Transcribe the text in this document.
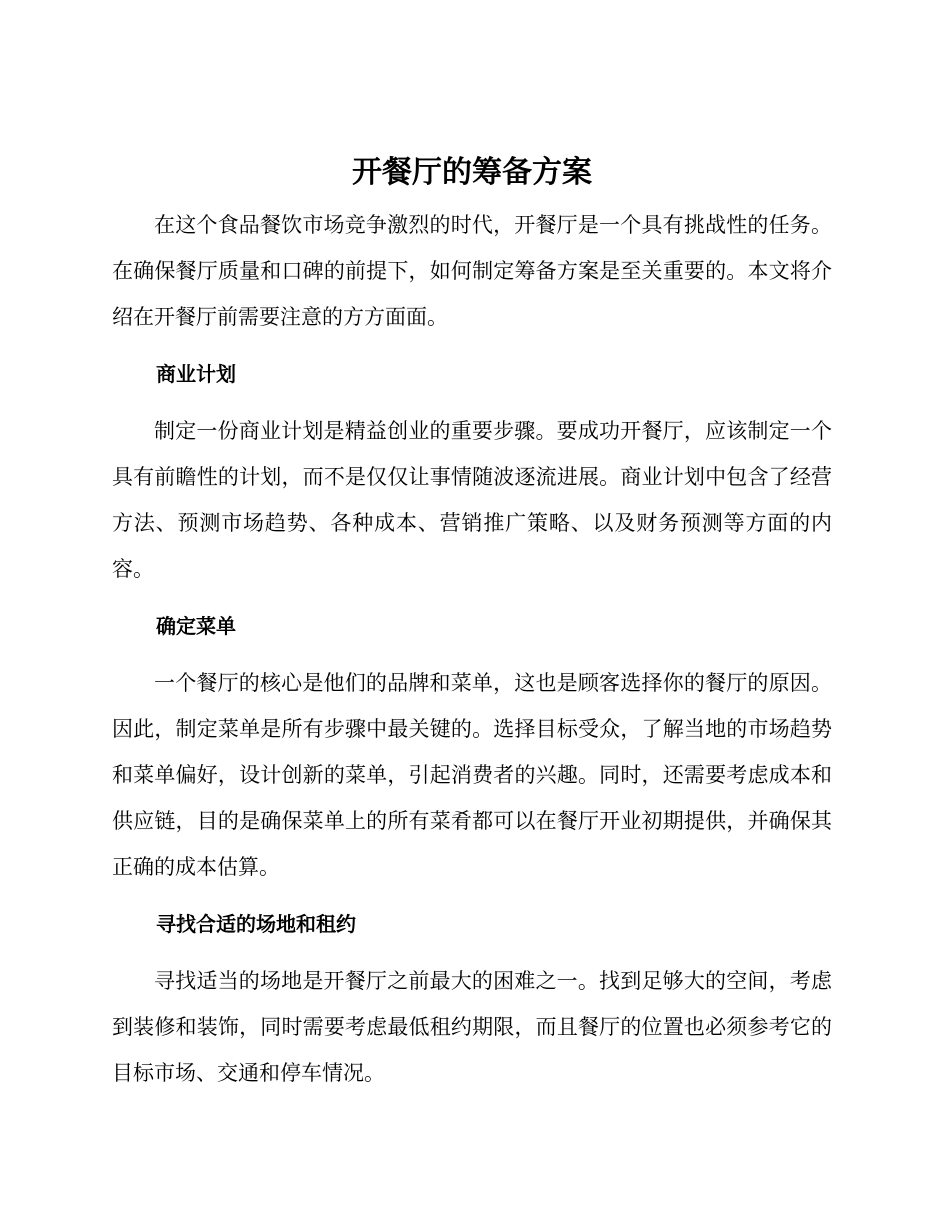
开餐厅的筹备方案

在这个食品餐饮市场竞争激烈的时代，开餐厅是一个具有挑战性的任务。在确保餐厅质量和口碑的前提下，如何制定筹备方案是至关重要的。本文将介绍在开餐厅前需要注意的方方面面。

商业计划

制定一份商业计划是精益创业的重要步骤。要成功开餐厅，应该制定一个具有前瞻性的计划，而不是仅仅让事情随波逐流进展。商业计划中包含了经营方法、预测市场趋势、各种成本、营销推广策略、以及财务预测等方面的内容。

确定菜单

一个餐厅的核心是他们的品牌和菜单，这也是顾客选择你的餐厅的原因。因此，制定菜单是所有步骤中最关键的。选择目标受众，了解当地的市场趋势和菜单偏好，设计创新的菜单，引起消费者的兴趣。同时，还需要考虑成本和供应链，目的是确保菜单上的所有菜肴都可以在餐厅开业初期提供，并确保其正确的成本估算。

寻找合适的场地和租约

寻找适当的场地是开餐厅之前最大的困难之一。找到足够大的空间，考虑到装修和装饰，同时需要考虑最低租约期限，而且餐厅的位置也必须参考它的目标市场、交通和停车情况。
